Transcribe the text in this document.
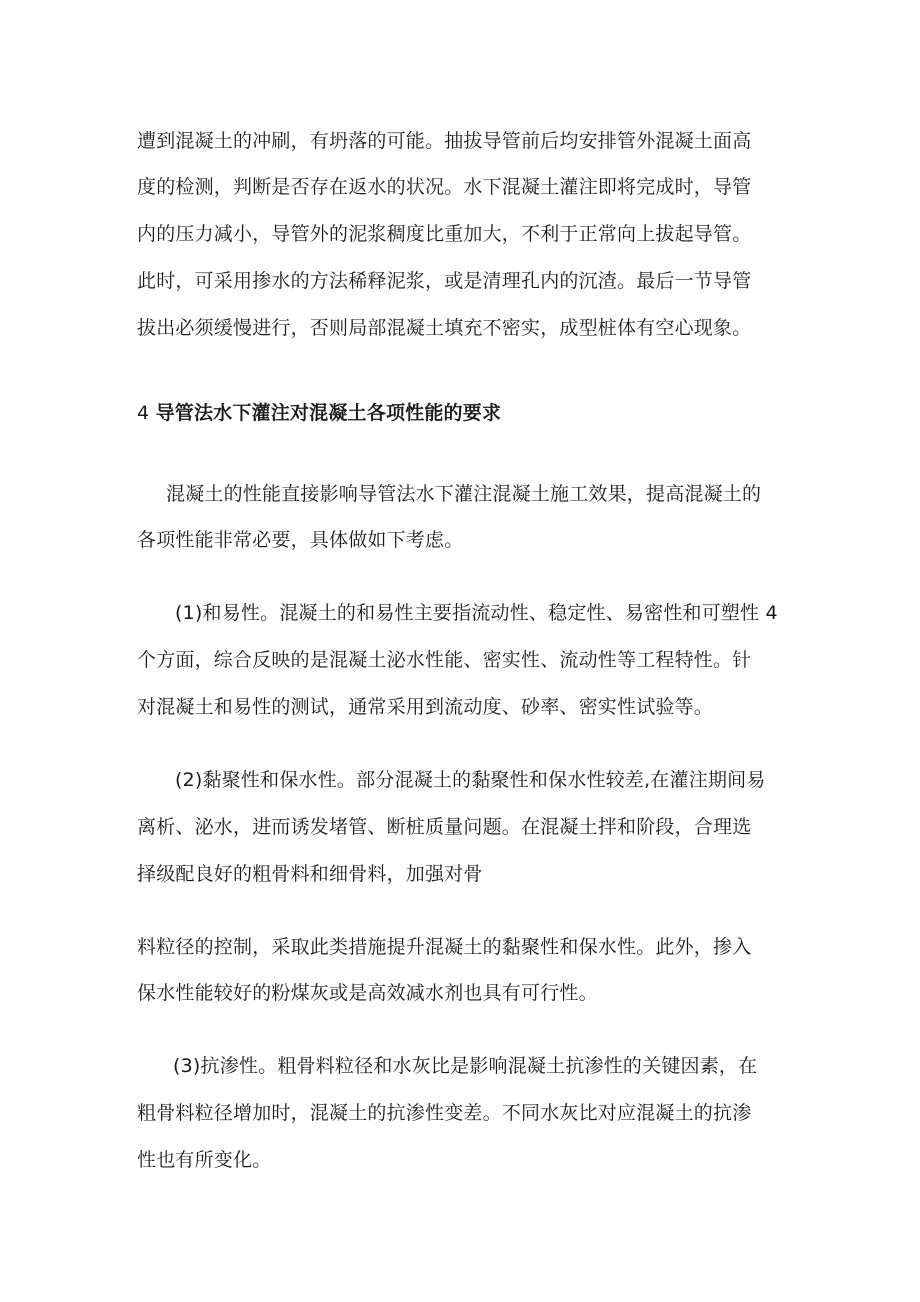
遭到混凝土的冲刷，有坍落的可能。抽拔导管前后均安排管外混凝土面高
度的检测，判断是否存在返水的状况。水下混凝土灌注即将完成时，导管
内的压力减小，导管外的泥浆稠度比重加大，不利于正常向上拔起导管。
此时，可采用掺水的方法稀释泥浆，或是清理孔内的沉渣。最后一节导管
拔出必须缓慢进行，否则局部混凝土填充不密实，成型桩体有空心现象。
4 导管法水下灌注对混凝土各项性能的要求
混凝土的性能直接影响导管法水下灌注混凝土施工效果，提高混凝土的
各项性能非常必要，具体做如下考虑。
(1)和易性。混凝土的和易性主要指流动性、稳定性、易密性和可塑性 4
个方面，综合反映的是混凝土泌水性能、密实性、流动性等工程特性。针
对混凝土和易性的测试，通常采用到流动度、砂率、密实性试验等。
(2)黏聚性和保水性。部分混凝土的黏聚性和保水性较差,在灌注期间易
离析、泌水，进而诱发堵管、断桩质量问题。在混凝土拌和阶段，合理选
择级配良好的粗骨料和细骨料，加强对骨
料粒径的控制，采取此类措施提升混凝土的黏聚性和保水性。此外，掺入
保水性能较好的粉煤灰或是高效减水剂也具有可行性。
(3)抗渗性。粗骨料粒径和水灰比是影响混凝土抗渗性的关键因素，在
粗骨料粒径增加时，混凝土的抗渗性变差。不同水灰比对应混凝土的抗渗
性也有所变化。
